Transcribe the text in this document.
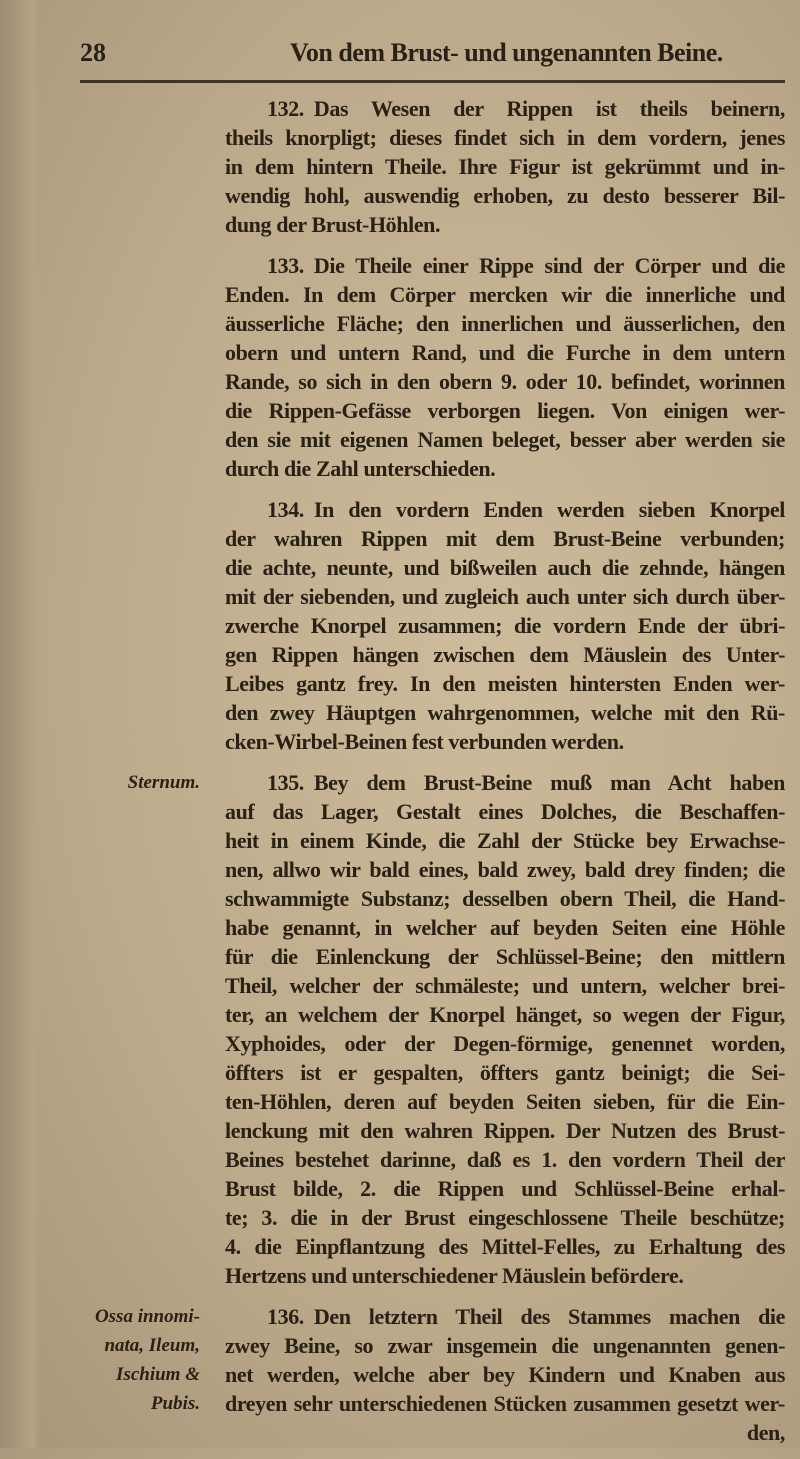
28	Von dem Brust- und ungenannten Beine.
132. Das Wesen der Rippen ist theils beinern,
theils knorpligt; dieses findet sich in dem vordern, jenes
in dem hintern Theile. Ihre Figur ist gekrümmt und in-
wendig hohl, auswendig erhoben, zu desto besserer Bil-
dung der Brust-Höhlen.
133. Die Theile einer Rippe sind der Cörper und die
Enden. In dem Cörper mercken wir die innerliche und
äusserliche Fläche; den innerlichen und äusserlichen, den
obern und untern Rand, und die Furche in dem untern
Rande, so sich in den obern 9. oder 10. befindet, worinnen
die Rippen-Gefässe verborgen liegen. Von einigen wer-
den sie mit eigenen Namen beleget, besser aber werden sie
durch die Zahl unterschieden.
134. In den vordern Enden werden sieben Knorpel
der wahren Rippen mit dem Brust-Beine verbunden;
die achte, neunte, und bißweilen auch die zehnde, hängen
mit der siebenden, und zugleich auch unter sich durch über-
zwerche Knorpel zusammen; die vordern Ende der übri-
gen Rippen hängen zwischen dem Mäuslein des Unter-
Leibes gantz frey. In den meisten hintersten Enden wer-
den zwey Häuptgen wahrgenommen, welche mit den Rü-
cken-Wirbel-Beinen fest verbunden werden.
135. Bey dem Brust-Beine muß man Acht haben
auf das Lager, Gestalt eines Dolches, die Beschaffen-
heit in einem Kinde, die Zahl der Stücke bey Erwachse-
nen, allwo wir bald eines, bald zwey, bald drey finden; die
schwammigte Substanz; desselben obern Theil, die Hand-
habe genannt, in welcher auf beyden Seiten eine Höhle
für die Einlenckung der Schlüssel-Beine; den mittlern
Theil, welcher der schmäleste; und untern, welcher brei-
ter, an welchem der Knorpel hänget, so wegen der Figur,
Xyphoides, oder der Degen-förmige, genennet worden,
öffters ist er gespalten, öffters gantz beinigt; die Sei-
ten-Höhlen, deren auf beyden Seiten sieben, für die Ein-
lenckung mit den wahren Rippen. Der Nutzen des Brust-
Beines bestehet darinne, daß es 1. den vordern Theil der
Brust bilde, 2. die Rippen und Schlüssel-Beine erhal-
te; 3. die in der Brust eingeschlossene Theile beschütze;
4. die Einpflantzung des Mittel-Felles, zu Erhaltung des
Hertzens und unterschiedener Mäuslein befördere.
136. Den letztern Theil des Stammes machen die
zwey Beine, so zwar insgemein die ungenannten genen-
net werden, welche aber bey Kindern und Knaben aus
dreyen sehr unterschiedenen Stücken zusammen gesetzt wer-
den,
Sternum.
Ossa innomi-
nata, Ileum,
Ischium &
Pubis.
